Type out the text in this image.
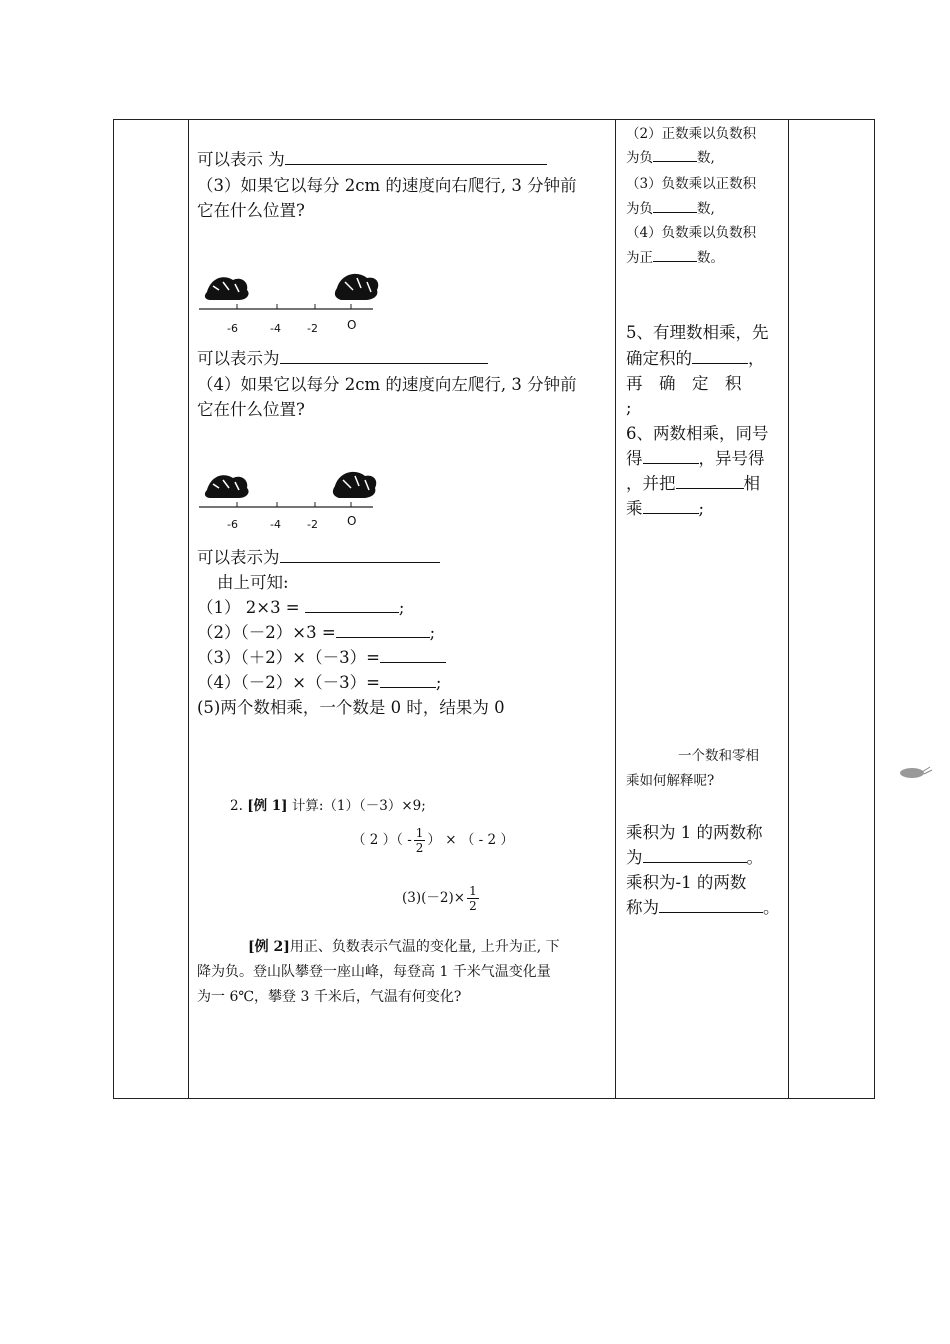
可以表示 为
（3）如果它以每分 2cm 的速度向右爬行, 3 分钟前
它在什么位置?
-6	-4 -2 O
可以表示为
（4）如果它以每分 2cm 的速度向左爬行, 3 分钟前
它在什么位置?
-6	-4 -2 O
可以表示为
由上可知:
（1） 2×3 =	;
（2）（－2）×3 =	;
（3）（＋2）×（－3）=
（4）（－2）×（－3）=	;
(5)两个数相乘，一个数是 0 时，结果为 0
2. [例 1] 计算:（1）（－3）×9;
（ 2 ）（ - $\frac{1}{2}$ ） × （ - 2 ）
$(3)(-2)\times \frac{1}{2}$
[例 2]用正、负数表示气温的变化量, 上升为正, 下
降为负。登山队攀登一座山峰，每登高 1 千米气温变化量
为一 6℃，攀登 3 千米后，气温有何变化?
（2）正数乘以负数积
为负	数,
（3）负数乘以正数积
为负	数,
（4）负数乘以负数积
为正	数。
5、有理数相乘，先
确定积的	，
再　确　定　积
;
6、两数相乘，同号
得	，异号得
，并把	相
乘	;
一个数和零相
乘如何解释呢?
乘积为 1 的两数称
为	。
乘积为-1 的两数
称为	。
